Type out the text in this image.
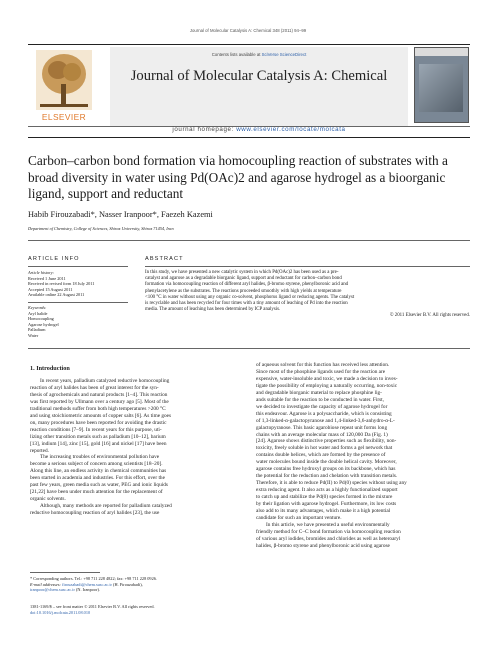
Journal of Molecular Catalysis A: Chemical 348 (2011) 94–99
ELSEVIER
Contents lists available at SciVerse ScienceDirect
Journal of Molecular Catalysis A: Chemical
journal homepage: www.elsevier.com/locate/molcata
Carbon–carbon bond formation via homocoupling reaction of substrates with a
broad diversity in water using Pd(OAc)2 and agarose hydrogel as a bioorganic
ligand, support and reductant
Habib Firouzabadi*, Nasser Iranpoor*, Faezeh Kazemi
Department of Chemistry, College of Sciences, Shiraz University, Shiraz 71454, Iran
ARTICLE INFO
Article history:
Received 1 June 2011
Received in revised form 18 July 2011
Accepted 15 August 2011
Available online 22 August 2011
Keywords:
Aryl halide
Homocoupling
Agarose hydrogel
Palladium
Water
ABSTRACT
In this study, we have presented a new catalytic system in which Pd(OAc)2 has been used as a pre-
catalyst and agarose as a degradable biorganic ligand, support and reductant for carbon–carbon bond
formation via homocoupling reaction of different aryl halides, β-bromo styrene, phenylboronic acid and
phenylacetylene as the substrates. The reactions proceeded smoothly with high yields at temperature
<100 °C in water without using any organic co-solvent, phosphorus ligand or reducing agents. The catalyst
is recyclable and has been recycled for four times with a tiny amount of leaching of Pd into the reaction
media. The amount of leaching has been determined by ICP analysis.
© 2011 Elsevier B.V. All rights reserved.
1. Introduction
In recent years, palladium catalyzed reductive homocoupling
reaction of aryl halides has been of great interest for the syn-
thesis of agrochemicals and natural products [1–4]. This reaction
was first reported by Ullmann over a century ago [5]. Most of the
traditional methods suffer from both high temperatures >200 °C
and using stoichiometric amounts of copper salts [6]. As time goes
on, many procedures have been reported for avoiding the drastic
reaction conditions [7–9]. In recent years for this purpose, uti-
lizing other transition metals such as palladium [10–12], barium
[13], indium [14], zinc [15], gold [16] and nickel [17] have been
reported.
The increasing troubles of environmental pollution have
become a serious subject of concern among scientists [18–20].
Along this line, an endless activity in chemical communities has
been started in academia and industries. For this effort, over the
past few years, green media such as water, PEG and ionic liquids
[21,22] have been under much attention for the replacement of
organic solvents.
Although, many methods are reported for palladium catalyzed
reductive homocoupling reaction of aryl halides [23], the use
of aqueous solvent for this function has received less attention.
Since most of the phosphine ligands used for the reaction are
expensive, water-insoluble and toxic, we made a decision to inves-
tigate the possibility of employing a naturally occurring, non-toxic
and degradable biorganic material to replace phosphine lig-
ands suitable for the reaction to be conducted in water. First,
we decided to investigate the capacity of agarose hydrogel for
this endeavour. Agarose is a polysaccharide, which is consisting
of 1,3-linked-α-galactopyranose and 1,4-linked-3,6-anhydro-α-L-
galactopyranose. This basic agarobiose repeat unit forms long
chains with an average molecular mass of 120,000 Da (Fig. 1)
[24]. Agarose shows distinctive properties such as flexibility, non-
toxicity, freely soluble in hot water and forms a gel network that
contains double helices, which are formed by the presence of
water molecules bound inside the double helical cavity. Moreover,
agarose contains free hydroxyl groups on its backbone, which has
the potential for the reduction and chelation with transition metals.
Therefore, it is able to reduce Pd(II) to Pd(0) species without using any
extra reducing agent. It also acts as a highly functionalized support
to catch up and stabilize the Pd(0) species formed in the mixture
by their ligation with agarose hydrogel. Furthermore, its low costs
also add to its many advantages, which make it a high potential
candidate for such an important venture.
In this article, we have presented a useful environmentally
friendly method for C–C bond formation via homocoupling reaction
of various aryl iodides, bromides and chlorides as well as heteroaryl
halides, β-bromo styrene and phenylboronic acid using agarose
* Corresponding authors. Tel.: +98 711 228 4822; fax: +98 711 228 0926.
E-mail addresses: firouzabadi@chem.susc.ac.ir (H. Firouzabadi),
iranpoor@chem.susc.ac.ir (N. Iranpoor).
1381-1169/$ – see front matter © 2011 Elsevier B.V. All rights reserved.
doi:10.1016/j.molcata.2011.08.010
